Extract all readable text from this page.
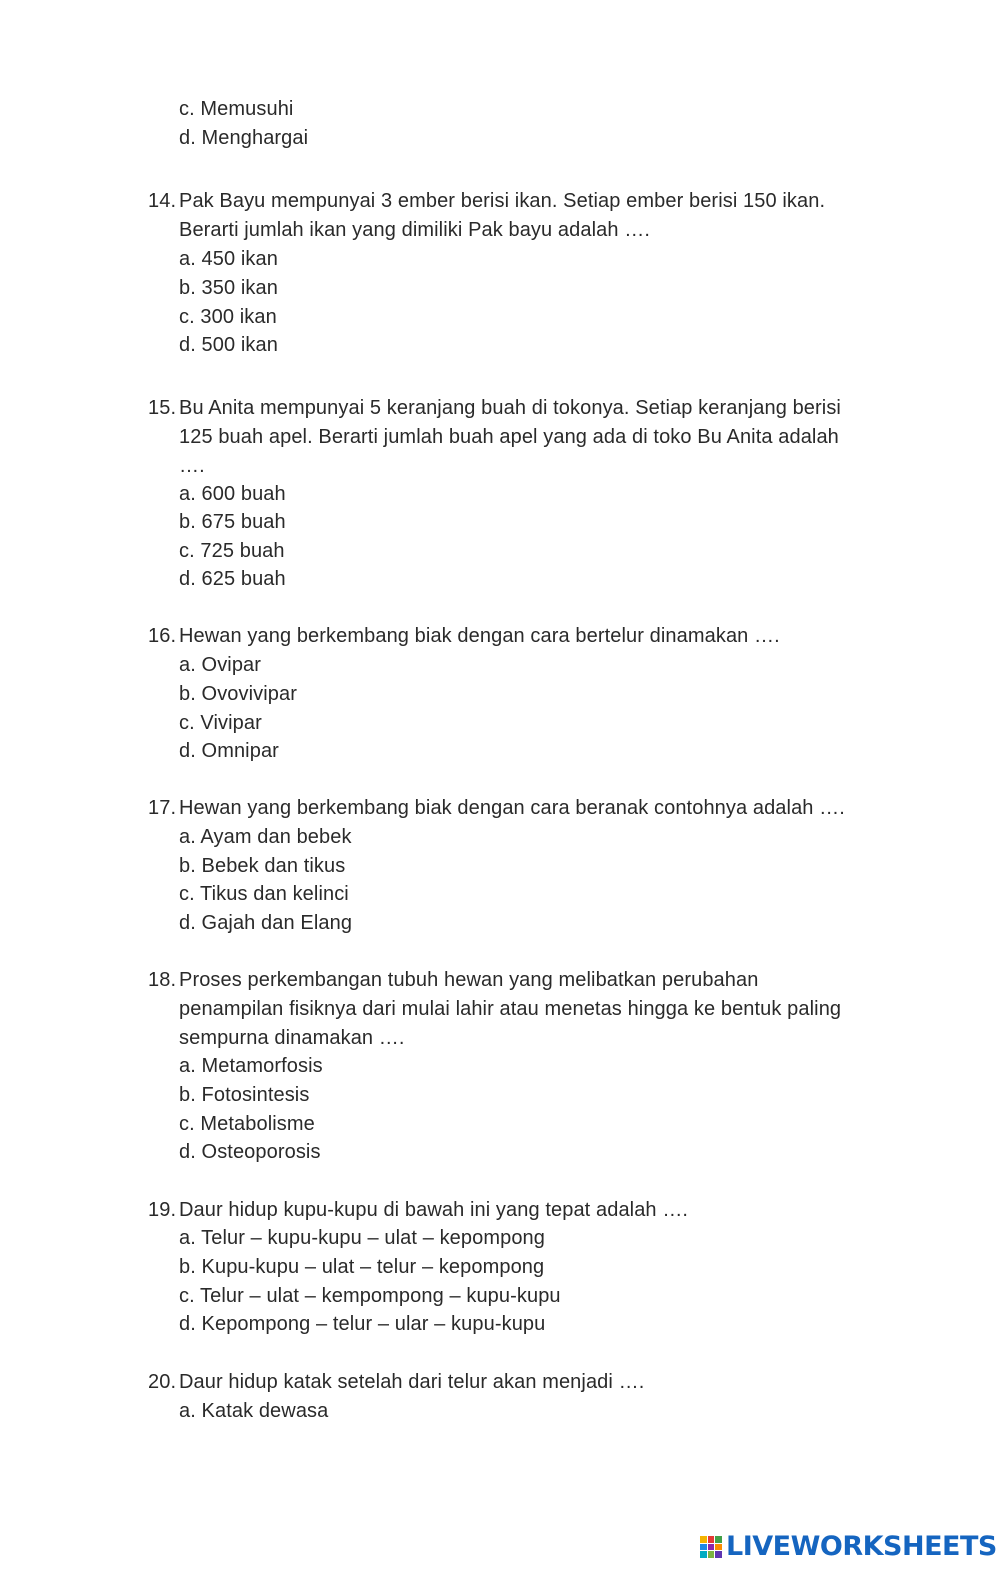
c. Memusuhi
d. Menghargai
14. Pak Bayu mempunyai 3 ember berisi ikan. Setiap ember berisi 150 ikan.
Berarti jumlah ikan yang dimiliki Pak bayu adalah ….
a. 450 ikan
b. 350 ikan
c. 300 ikan
d. 500 ikan
15. Bu Anita mempunyai 5 keranjang buah di tokonya. Setiap keranjang berisi
125 buah apel. Berarti jumlah buah apel yang ada di toko Bu Anita adalah
….
a. 600 buah
b. 675 buah
c. 725 buah
d. 625 buah
16. Hewan yang berkembang biak dengan cara bertelur dinamakan ….
a. Ovipar
b. Ovovivipar
c. Vivipar
d. Omnipar
17. Hewan yang berkembang biak dengan cara beranak contohnya adalah ….
a. Ayam dan bebek
b. Bebek dan tikus
c. Tikus dan kelinci
d. Gajah dan Elang
18. Proses perkembangan tubuh hewan yang melibatkan perubahan
penampilan fisiknya dari mulai lahir atau menetas hingga ke bentuk paling
sempurna dinamakan ….
a. Metamorfosis
b. Fotosintesis
c. Metabolisme
d. Osteoporosis
19. Daur hidup kupu-kupu di bawah ini yang tepat adalah ….
a. Telur – kupu-kupu – ulat – kepompong
b. Kupu-kupu – ulat – telur – kepompong
c. Telur – ulat – kempompong – kupu-kupu
d. Kepompong – telur – ular – kupu-kupu
20. Daur hidup katak setelah dari telur akan menjadi ….
a. Katak dewasa
LIVEWORKSHEETS
